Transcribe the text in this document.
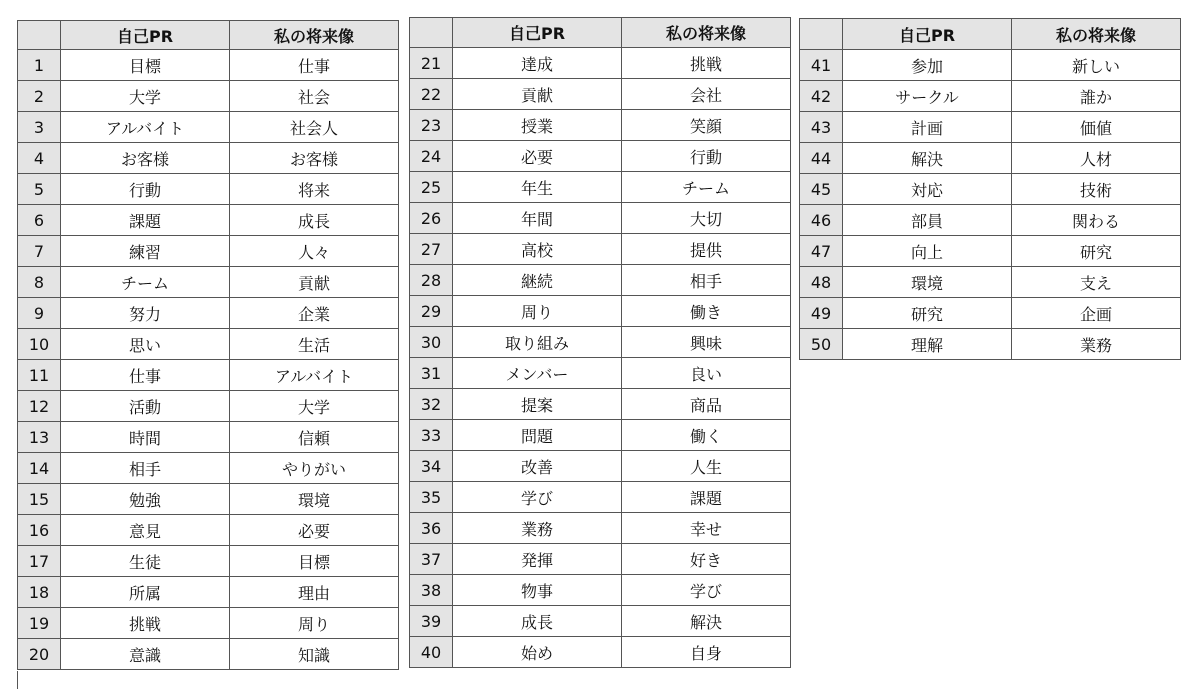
	自己PR	私の将来像
1	目標	仕事
2	大学	社会
3	アルバイト	社会人
4	お客様	お客様
5	行動	将来
6	課題	成長
7	練習	人々
8	チーム	貢献
9	努力	企業
10	思い	生活
11	仕事	アルバイト
12	活動	大学
13	時間	信頼
14	相手	やりがい
15	勉強	環境
16	意見	必要
17	生徒	目標
18	所属	理由
19	挑戦	周り
20	意識	知識
	自己PR	私の将来像
21	達成	挑戦
22	貢献	会社
23	授業	笑顔
24	必要	行動
25	年生	チーム
26	年間	大切
27	高校	提供
28	継続	相手
29	周り	働き
30	取り組み	興味
31	メンバー	良い
32	提案	商品
33	問題	働く
34	改善	人生
35	学び	課題
36	業務	幸せ
37	発揮	好き
38	物事	学び
39	成長	解決
40	始め	自身
	自己PR	私の将来像
41	参加	新しい
42	サークル	誰か
43	計画	価値
44	解決	人材
45	対応	技術
46	部員	関わる
47	向上	研究
48	環境	支え
49	研究	企画
50	理解	業務
